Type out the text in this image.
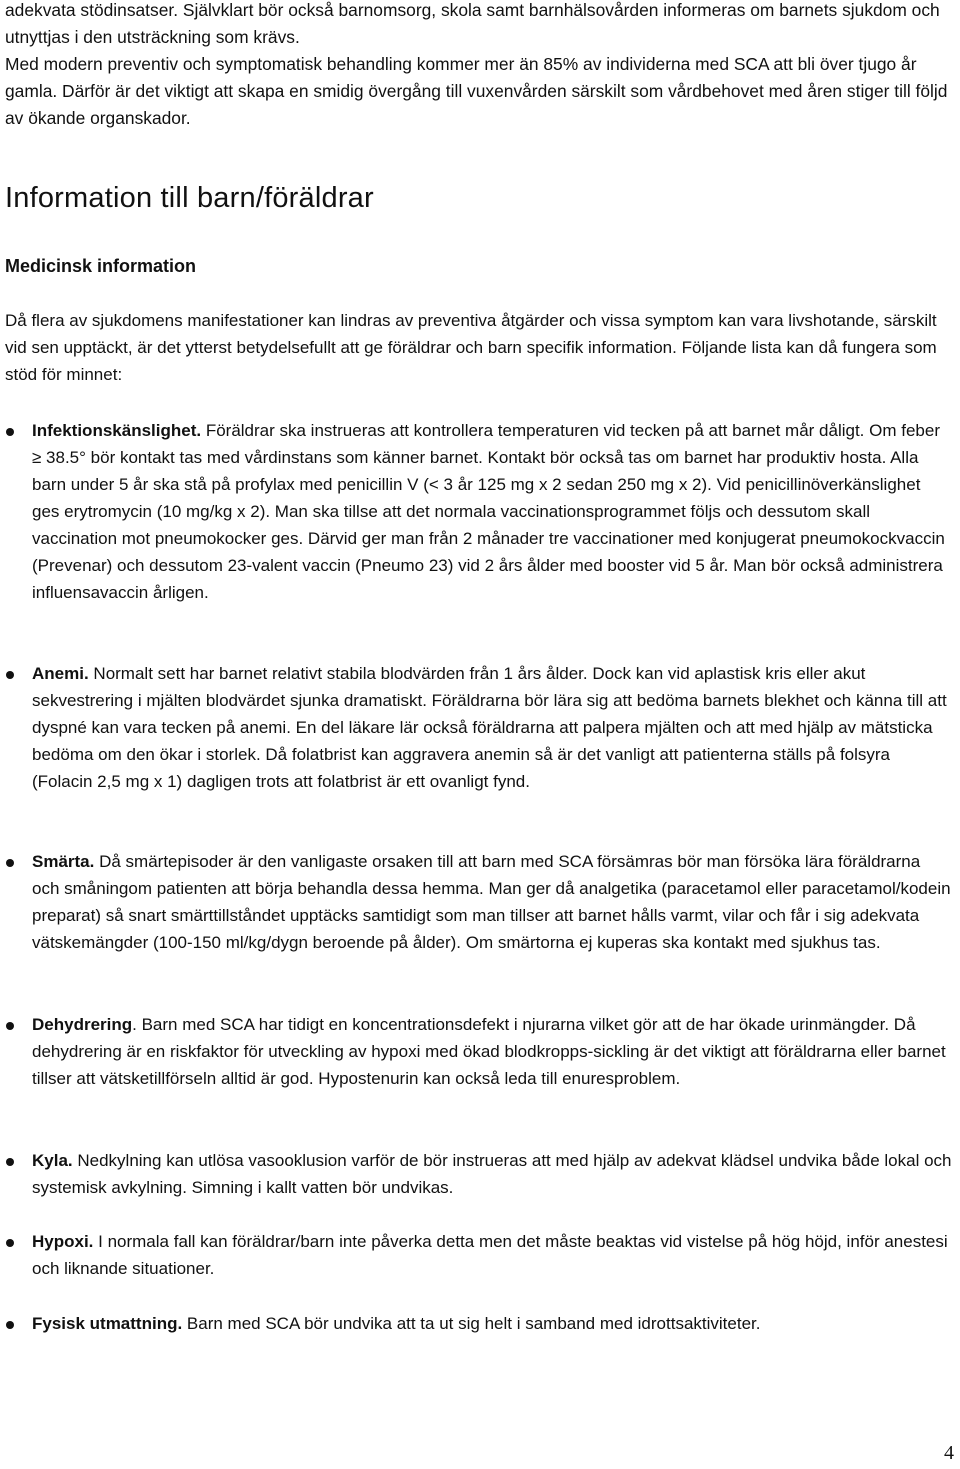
adekvata stödinsatser. Självklart bör också barnomsorg, skola samt barnhälsovården informeras om barnets sjukdom och utnyttjas i den utsträckning som krävs.

Med modern preventiv och symptomatisk behandling kommer mer än 85% av individerna med SCA att bli över tjugo år gamla. Därför är det viktigt att skapa en smidig övergång till vuxenvården särskilt som vårdbehovet med åren stiger till följd av ökande organskador.

Information till barn/föräldrar
Medicinsk information

Då flera av sjukdomens manifestationer kan lindras av preventiva åtgärder och vissa symptom kan vara livshotande, särskilt vid sen upptäckt, är det ytterst betydelsefullt att ge föräldrar och barn specifik information. Följande lista kan då fungera som stöd för minnet:

Infektionskänslighet. Föräldrar ska instrueras att kontrollera temperaturen vid tecken på att barnet mår dåligt. Om feber ≥ 38.5° bör kontakt tas med vårdinstans som känner barnet. Kontakt bör också tas om barnet har produktiv hosta. Alla barn under 5 år ska stå på profylax med penicillin V (< 3 år 125 mg x 2 sedan 250 mg x 2). Vid penicillinöverkänslighet ges erytromycin (10 mg/kg x 2). Man ska tillse att det normala vaccinationsprogrammet följs och dessutom skall vaccination mot pneumokocker ges. Därvid ger man från 2 månader tre vaccinationer med konjugerat pneumokockvaccin (Prevenar) och dessutom 23-valent vaccin (Pneumo 23) vid 2 års ålder med booster vid 5 år. Man bör också administrera influensavaccin årligen.

Anemi. Normalt sett har barnet relativt stabila blodvärden från 1 års ålder. Dock kan vid aplastisk kris eller akut sekvestrering i mjälten blodvärdet sjunka dramatiskt. Föräldrarna bör lära sig att bedöma barnets blekhet och känna till att dyspné kan vara tecken på anemi. En del läkare lär också föräldrarna att palpera mjälten och att med hjälp av mätsticka bedöma om den ökar i storlek. Då folatbrist kan aggravera anemin så är det vanligt att patienterna ställs på folsyra (Folacin 2,5 mg x 1) dagligen trots att folatbrist är ett ovanligt fynd.

Smärta. Då smärtepisoder är den vanligaste orsaken till att barn med SCA försämras bör man försöka lära föräldrarna och småningom patienten att börja behandla dessa hemma. Man ger då analgetika (paracetamol eller paracetamol/kodein preparat) så snart smärttillståndet upptäcks samtidigt som man tillser att barnet hålls varmt, vilar och får i sig adekvata vätskemängder (100-150 ml/kg/dygn beroende på ålder). Om smärtorna ej kuperas ska kontakt med sjukhus tas.

Dehydrering. Barn med SCA har tidigt en koncentrationsdefekt i njurarna vilket gör att de har ökade urinmängder. Då dehydrering är en riskfaktor för utveckling av hypoxi med ökad blodkropps-sickling är det viktigt att föräldrarna eller barnet tillser att vätsketillförseln alltid är god. Hypostenurin kan också leda till enuresproblem.

Kyla. Nedkylning kan utlösa vasooklusion varför de bör instrueras att med hjälp av adekvat klädsel undvika både lokal och systemisk avkylning. Simning i kallt vatten bör undvikas.

Hypoxi. I normala fall kan föräldrar/barn inte påverka detta men det måste beaktas vid vistelse på hög höjd, inför anestesi och liknande situationer.

Fysisk utmattning. Barn med SCA bör undvika att ta ut sig helt i samband med idrottsaktiviteter.

4
